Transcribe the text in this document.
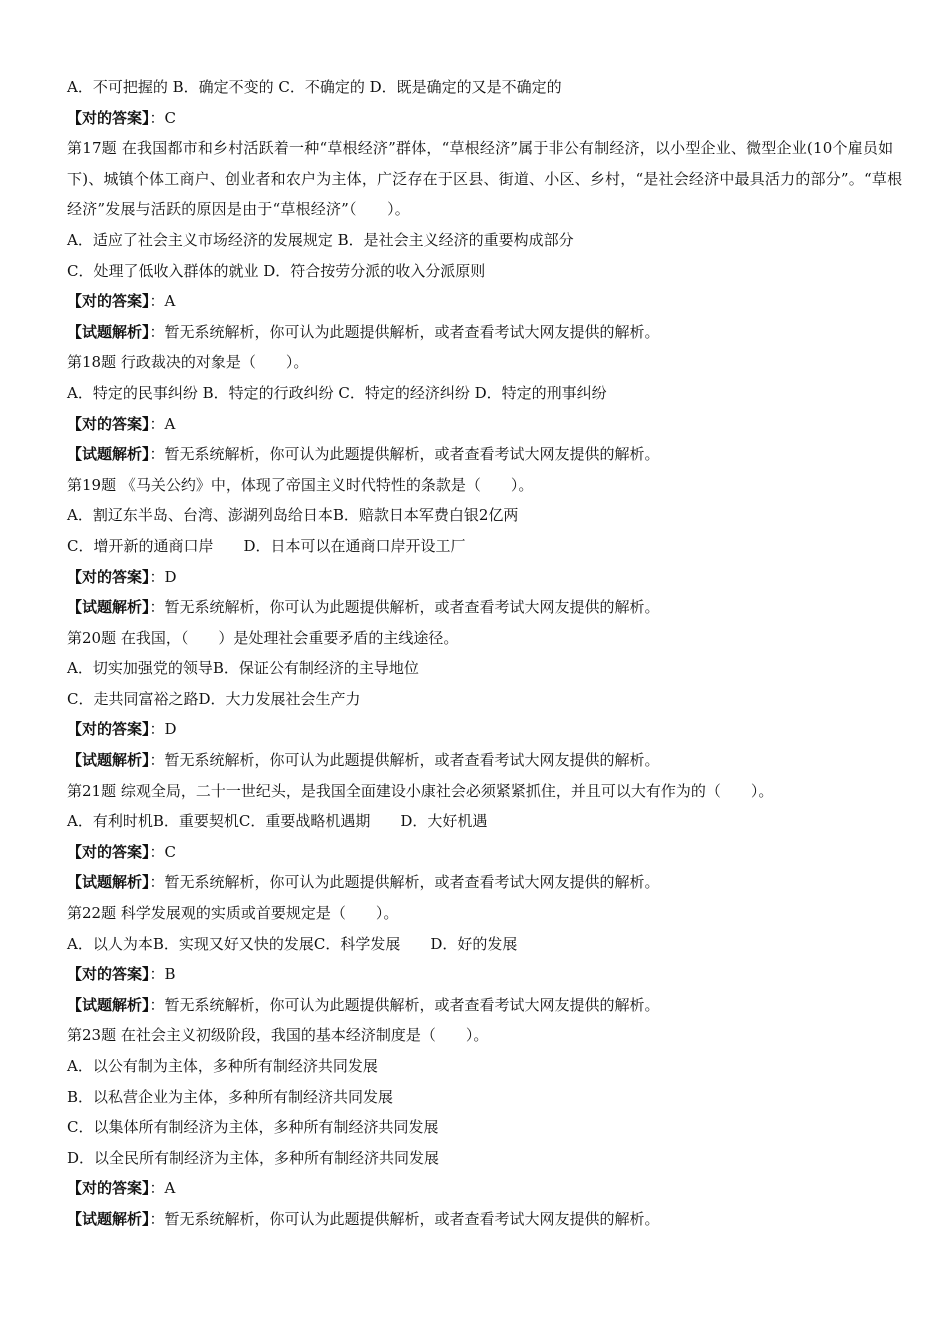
A．不可把握的 B．确定不变的 C．不确定的 D．既是确定的又是不确定的
【对的答案】：C
第17题 在我国都市和乡村活跃着一种“草根经济”群体，“草根经济”属于非公有制经济，以小型企业、微型企业(10个雇员如下)、城镇个体工商户、创业者和农户为主体，广泛存在于区县、街道、小区、乡村，“是社会经济中最具活力的部分”。“草根经济”发展与活跃的原因是由于“草根经济”（　　）。
A．适应了社会主义市场经济的发展规定 B．是社会主义经济的重要构成部分
C．处理了低收入群体的就业 D．符合按劳分派的收入分派原则
【对的答案】：A
【试题解析】：暂无系统解析，你可认为此题提供解析，或者查看考试大网友提供的解析。
第18题 行政裁决的对象是（　　）。
A．特定的民事纠纷 B．特定的行政纠纷 C．特定的经济纠纷 D．特定的刑事纠纷
【对的答案】：A
【试题解析】：暂无系统解析，你可认为此题提供解析，或者查看考试大网友提供的解析。
第19题 《马关公约》中，体现了帝国主义时代特性的条款是（　　）。
A．割辽东半岛、台湾、澎湖列岛给日本B．赔款日本军费白银2亿两
C．增开新的通商口岸　　D．日本可以在通商口岸开设工厂
【对的答案】：D
【试题解析】：暂无系统解析，你可认为此题提供解析，或者查看考试大网友提供的解析。
第20题 在我国，（　　）是处理社会重要矛盾的主线途径。
A．切实加强党的领导B．保证公有制经济的主导地位
C．走共同富裕之路D．大力发展社会生产力
【对的答案】：D
【试题解析】：暂无系统解析，你可认为此题提供解析，或者查看考试大网友提供的解析。
第21题 综观全局，二十一世纪头，是我国全面建设小康社会必须紧紧抓住，并且可以大有作为的（　　）。
A．有利时机B．重要契机C．重要战略机遇期　　D．大好机遇
【对的答案】：C
【试题解析】：暂无系统解析，你可认为此题提供解析，或者查看考试大网友提供的解析。
第22题 科学发展观的实质或首要规定是（　　）。
A．以人为本B．实现又好又快的发展C．科学发展　　D．好的发展
【对的答案】：B
【试题解析】：暂无系统解析，你可认为此题提供解析，或者查看考试大网友提供的解析。
第23题 在社会主义初级阶段，我国的基本经济制度是（　　）。
A．以公有制为主体，多种所有制经济共同发展
B．以私营企业为主体，多种所有制经济共同发展
C．以集体所有制经济为主体，多种所有制经济共同发展
D．以全民所有制经济为主体，多种所有制经济共同发展
【对的答案】：A
【试题解析】：暂无系统解析，你可认为此题提供解析，或者查看考试大网友提供的解析。
